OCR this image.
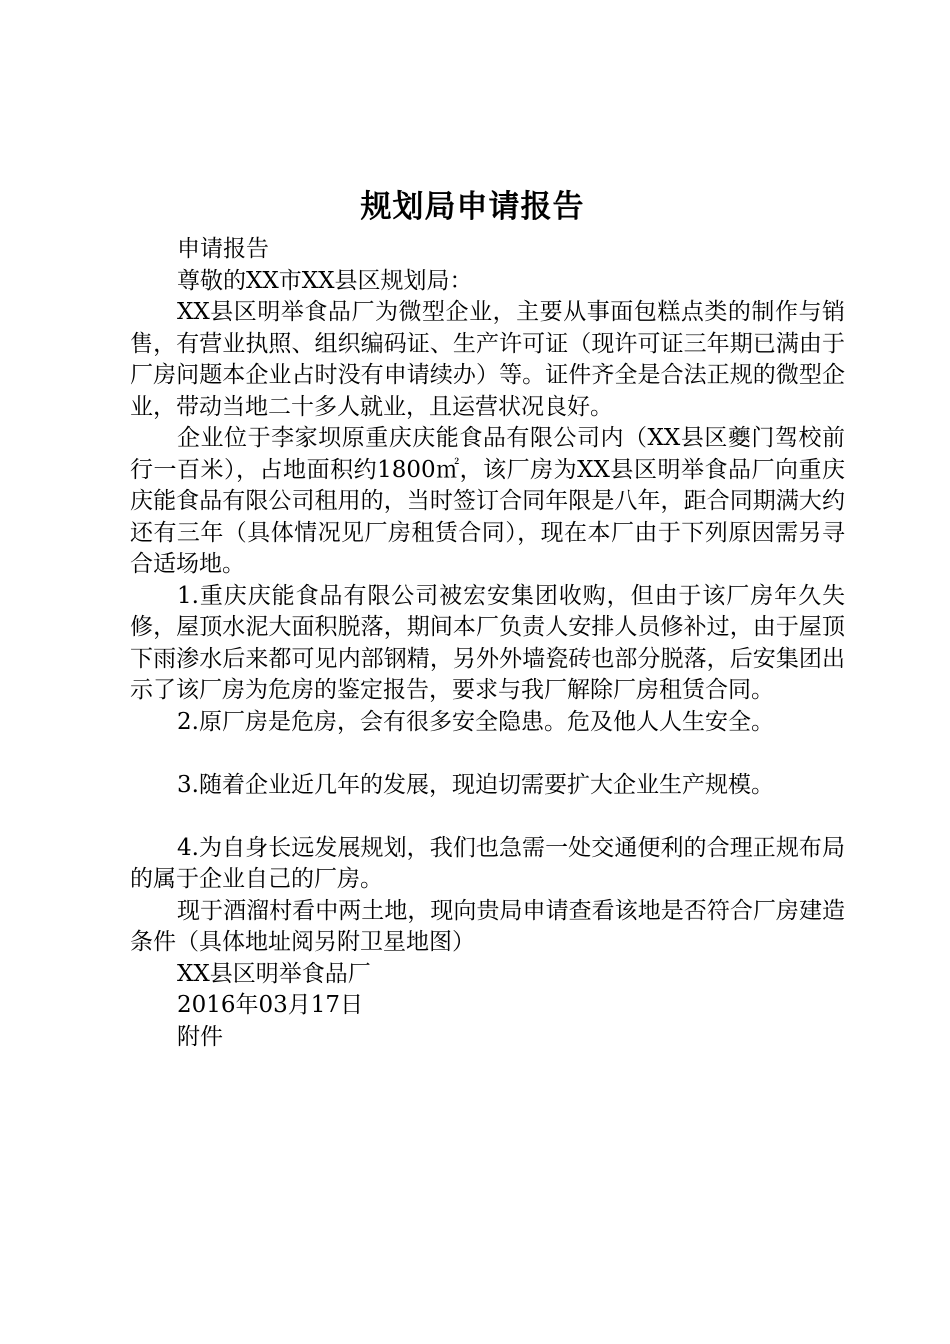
规划局申请报告

申请报告

尊敬的XX市XX县区规划局：

XX县区明举食品厂为微型企业，主要从事面包糕点类的制作与销售，有营业执照、组织编码证、生产许可证（现许可证三年期已满由于厂房问题本企业占时没有申请续办）等。证件齐全是合法正规的微型企业，带动当地二十多人就业，且运营状况良好。

企业位于李家坝原重庆庆能食品有限公司内（XX县区夔门驾校前行一百米），占地面积约1800㎡，该厂房为XX县区明举食品厂向重庆庆能食品有限公司租用的，当时签订合同年限是八年，距合同期满大约还有三年（具体情况见厂房租赁合同），现在本厂由于下列原因需另寻合适场地。

1.重庆庆能食品有限公司被宏安集团收购，但由于该厂房年久失修，屋顶水泥大面积脱落，期间本厂负责人安排人员修补过，由于屋顶下雨渗水后来都可见内部钢精，另外外墙瓷砖也部分脱落，后安集团出示了该厂房为危房的鉴定报告，要求与我厂解除厂房租赁合同。

2.原厂房是危房，会有很多安全隐患。危及他人人生安全。

3.随着企业近几年的发展，现迫切需要扩大企业生产规模。

4.为自身长远发展规划，我们也急需一处交通便利的合理正规布局的属于企业自己的厂房。

现于酒溜村看中两土地，现向贵局申请查看该地是否符合厂房建造条件（具体地址阅另附卫星地图）

XX县区明举食品厂

2016年03月17日

附件
